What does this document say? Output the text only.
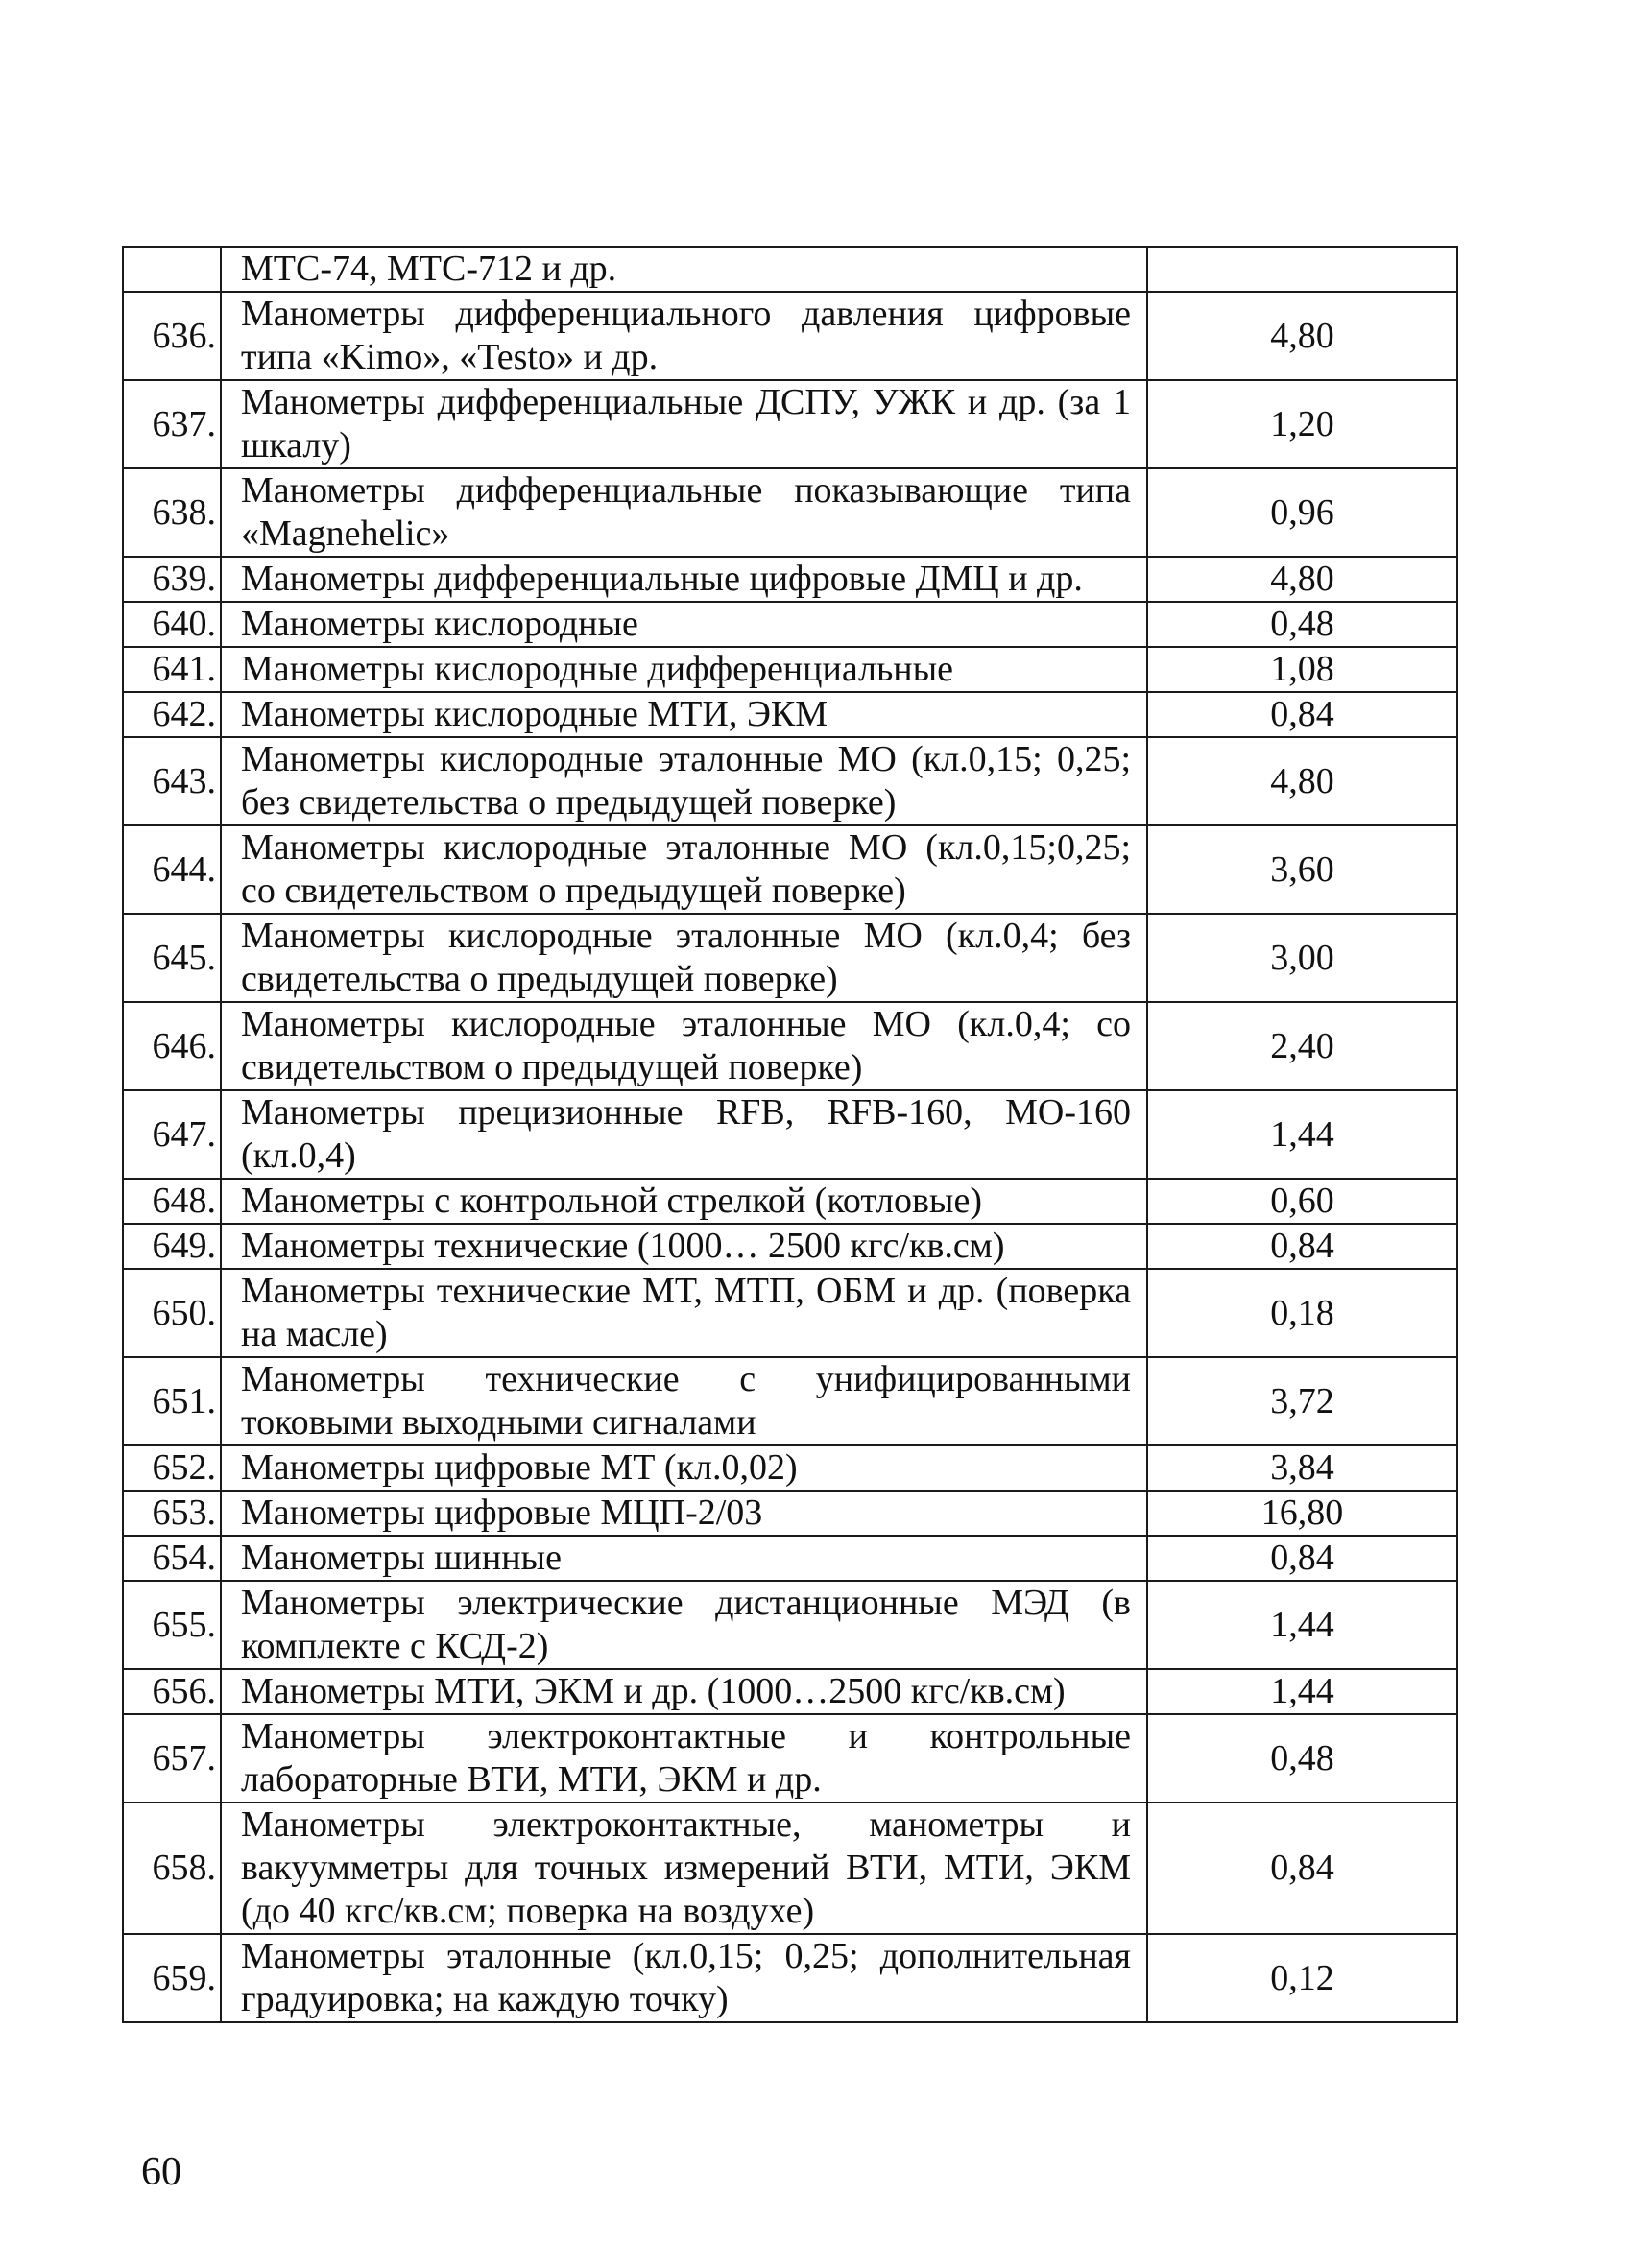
	МТС-74, МТС-712 и др.	
636.	Манометры дифференциального давления цифровые типа «Kimo», «Testo» и др.	4,80
637.	Манометры дифференциальные ДСПУ, УЖК и др. (за 1 шкалу)	1,20
638.	Манометры дифференциальные показывающие типа «Magnehelic»	0,96
639.	Манометры дифференциальные цифровые ДМЦ и др.	4,80
640.	Манометры кислородные	0,48
641.	Манометры кислородные дифференциальные	1,08
642.	Манометры кислородные МТИ, ЭКМ	0,84
643.	Манометры кислородные эталонные МО (кл.0,15; 0,25; без свидетельства о предыдущей поверке)	4,80
644.	Манометры кислородные эталонные МО (кл.0,15;0,25; со свидетельством о предыдущей поверке)	3,60
645.	Манометры кислородные эталонные МО (кл.0,4; без свидетельства о предыдущей поверке)	3,00
646.	Манометры кислородные эталонные МО (кл.0,4; со свидетельством о предыдущей поверке)	2,40
647.	Манометры прецизионные RFB, RFB-160, МО-160 (кл.0,4)	1,44
648.	Манометры с контрольной стрелкой (котловые)	0,60
649.	Манометры технические (1000… 2500 кгс/кв.см)	0,84
650.	Манометры технические МТ, МТП, ОБМ и др. (поверка на масле)	0,18
651.	Манометры технические с унифицированными токовыми выходными сигналами	3,72
652.	Манометры цифровые МТ (кл.0,02)	3,84
653.	Манометры цифровые МЦП-2/03	16,80
654.	Манометры шинные	0,84
655.	Манометры электрические дистанционные МЭД (в комплекте с КСД-2)	1,44
656.	Манометры МТИ, ЭКМ и др. (1000…2500 кгс/кв.см)	1,44
657.	Манометры электроконтактные и контрольные лабораторные ВТИ, МТИ, ЭКМ и др.	0,48
658.	Манометры электроконтактные, манометры и вакуумметры для точных измерений ВТИ, МТИ, ЭКМ (до 40 кгс/кв.см; поверка на воздухе)	0,84
659.	Манометры эталонные (кл.0,15; 0,25; дополнительная градуировка; на каждую точку)	0,12
60
